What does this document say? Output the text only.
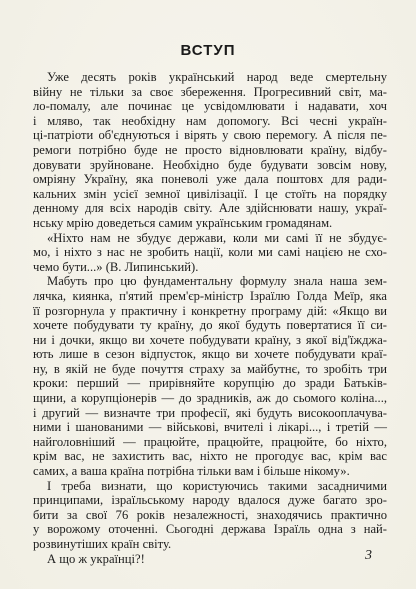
ВСТУП
Уже десять років український народ веде смертельну
війну не тільки за своє збереження. Прогресивний світ, ма-
ло-помалу, але починає це усвідомлювати і надавати, хоч
і мляво, так необхідну нам допомогу. Всі чесні україн-
ці-патріоти об'єднуються і вірять у свою перемогу. А після пе-
ремоги потрібно буде не просто відновлювати країну, відбу-
довувати зруйноване. Необхідно буде будувати зовсім нову,
омріяну Україну, яка поневолі уже дала поштовх для ради-
кальних змін усієї земної цивілізації. І це стоїть на порядку
денному для всіх народів світу. Але здійснювати нашу, украї-
нську мрію доведеться самим українським громадянам.
«Ніхто нам не збудує держави, коли ми самі її не збудує-
мо, і ніхто з нас не зробить нації, коли ми самі нацією не схо-
чемо бути...» (В. Липинський).
Мабуть про цю фундаментальну формулу знала наша зем-
лячка, киянка, п'ятий прем'єр-міністр Ізраїлю Голда Меїр, яка
її розгорнула у практичну і конкретну програму дій: «Якщо ви
хочете побудувати ту країну, до якої будуть повертатися її си-
ни і дочки, якщо ви хочете побудувати країну, з якої від'їжджа-
ють лише в сезон відпусток, якщо ви хочете побудувати краї-
ну, в якій не буде почуття страху за майбутнє, то зробіть три
кроки: перший — прирівняйте корупцію до зради Батьків-
щини, а корупціонерів — до зрадників, аж до сьомого коліна...,
і другий — визначте три професії, які будуть високооплачува-
ними і шанованими — військові, вчителі і лікарі..., і третій —
найголовніший — працюйте, працюйте, працюйте, бо ніхто,
крім вас, не захистить вас, ніхто не прогодує вас, крім вас
самих, а ваша країна потрібна тільки вам і більше нікому».
І треба визнати, що користуючись такими засадничими
принципами, ізраїльському народу вдалося дуже багато зро-
бити за свої 76 років незалежності, знаходячись практично
у ворожому оточенні. Сьогодні держава Ізраїль одна з най-
розвинутіших країн світу.
А що ж українці?!	3
